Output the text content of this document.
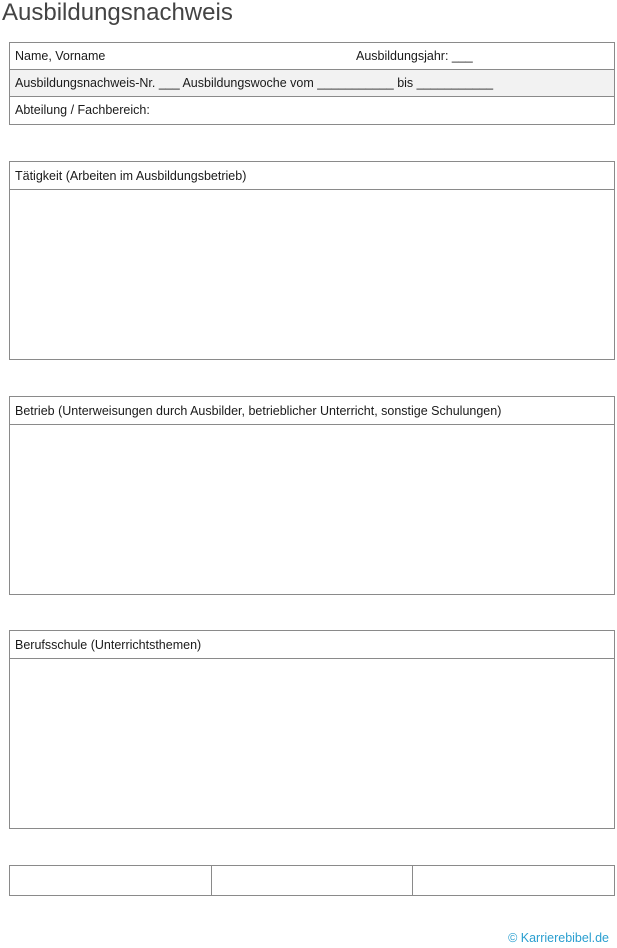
Ausbildungsnachweis
Name, Vorname	Ausbildungsjahr: ___
Ausbildungsnachweis-Nr. ___ Ausbildungswoche vom ___________ bis ___________
Abteilung / Fachbereich:
Tätigkeit (Arbeiten im Ausbildungsbetrieb)
Betrieb (Unterweisungen durch Ausbilder, betrieblicher Unterricht, sonstige Schulungen)
Berufsschule (Unterrichtsthemen)
© Karrierebibel.de
